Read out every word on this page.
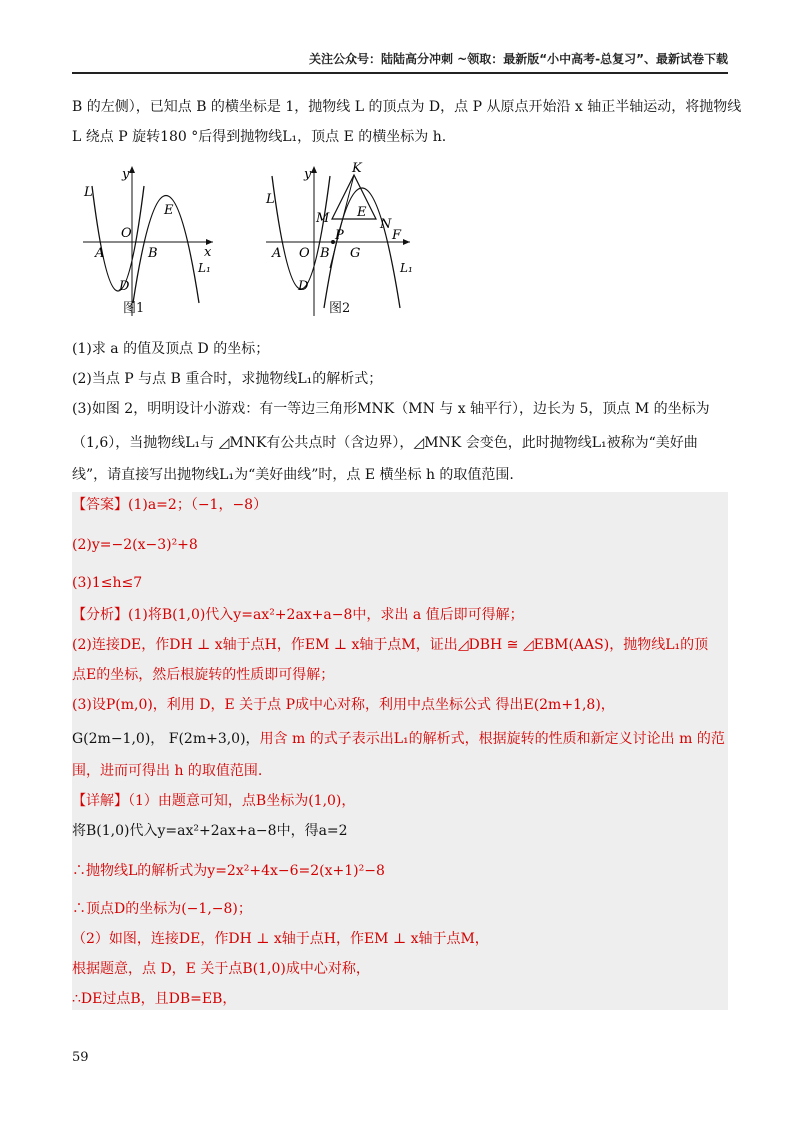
关注公众号：陆陆高分冲刺 ~领取：最新版“小中高考-总复习”、最新试卷下载
B 的左侧），已知点 B 的横坐标是 1，抛物线 L 的顶点为 D，点 P 从原点开始沿 x 轴正半轴运动，将抛物线
L 绕点 P 旋转180 °后得到抛物线L₁，顶点 E 的横坐标为 h.
L
y
E
O
A	B	x
L₁
D
图1
L
y	K
M E
N
P	F
A O B G
L₁
D
图2
(1)求 a 的值及顶点 D 的坐标；
(2)当点 P 与点 B 重合时，求抛物线L₁的解析式；
(3)如图 2，明明设计小游戏：有一等边三角形MNK（MN 与 x 轴平行），边长为 5，顶点 M 的坐标为
（1,6），当抛物线L₁与 ◿MNK有公共点时（含边界），◿MNK 会变色，此时抛物线L₁被称为“美好曲
线”，请直接写出抛物线L₁为“美好曲线”时，点 E 横坐标 h 的取值范围.
【答案】(1)a=2；（−1，−8）
(2)y=−2(x−3)²+8
(3)1≤h≤7
【分析】(1)将B(1,0)代入y=ax²+2ax+a−8中，求出 a 值后即可得解；
(2)连接DE，作DH ⊥ x轴于点H，作EM ⊥ x轴于点M，证出◿DBH ≅ ◿EBM(AAS)，抛物线L₁的顶
点E的坐标，然后根旋转的性质即可得解；
(3)设P(m,0)，利用 D，E 关于点 P成中心对称，利用中点坐标公式 得出E(2m+1,8)，
G(2m−1,0)， F(2m+3,0)，用含 m 的式子表示出L₁的解析式，根据旋转的性质和新定义讨论出 m 的范
围，进而可得出 h 的取值范围.
【详解】（1）由题意可知，点B坐标为(1,0)，
将B(1,0)代入y=ax²+2ax+a−8中，得a=2
∴抛物线L的解析式为y=2x²+4x−6=2(x+1)²−8
∴顶点D的坐标为(−1,−8)；
（2）如图，连接DE，作DH ⊥ x轴于点H，作EM ⊥ x轴于点M，
根据题意，点 D，E 关于点B(1,0)成中心对称，
∴DE过点B，且DB=EB，
59
